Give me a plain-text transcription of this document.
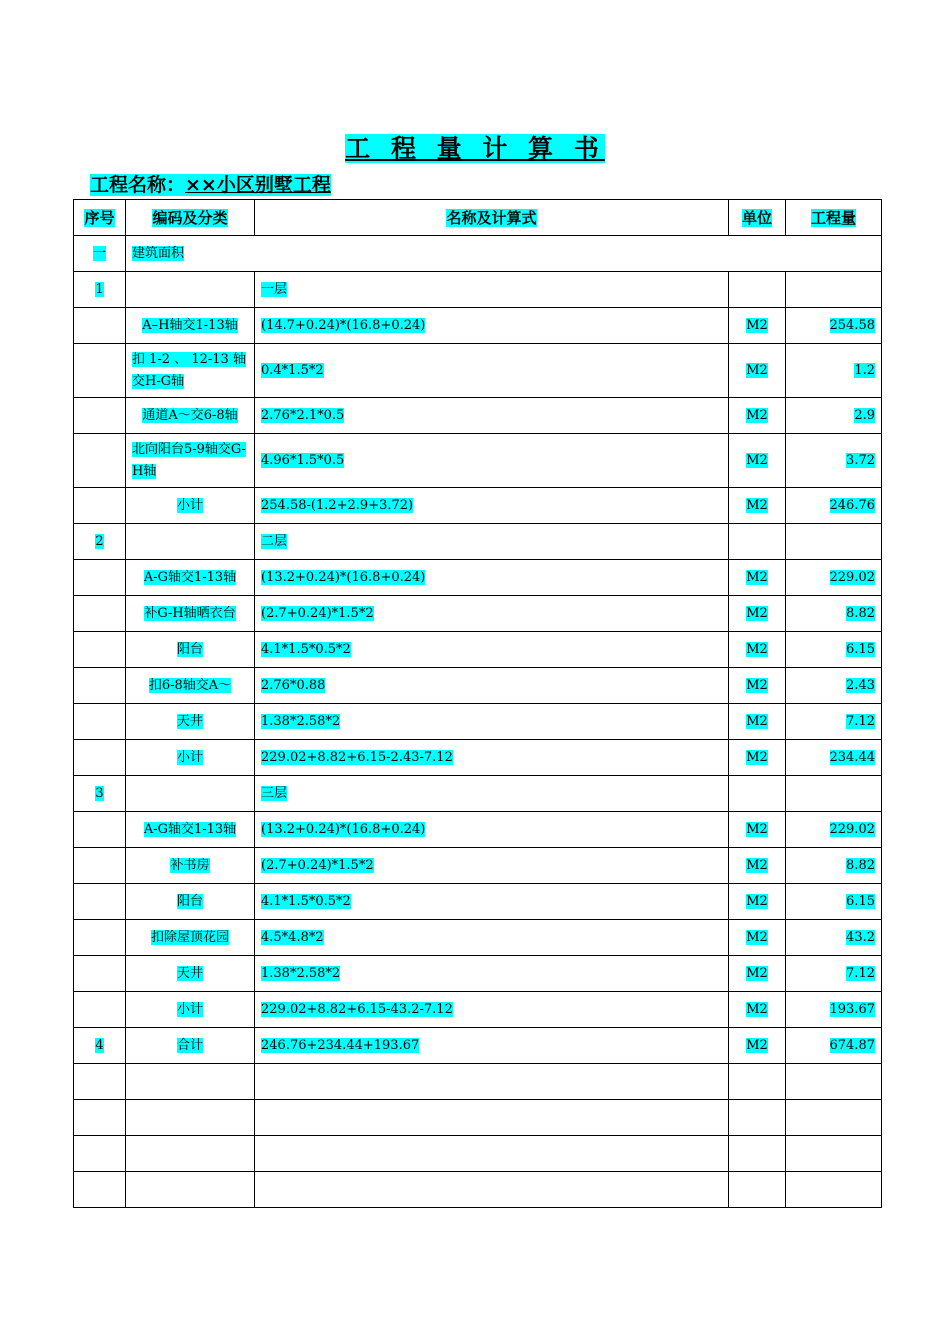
工 程 量 计 算 书
工程名称：××小区别墅工程
序号	编码及分类	名称及计算式	单位	工程量
一	建筑面积			
1		一层		
	A–H轴交1-13轴	(14.7+0.24)*(16.8+0.24)	M2	254.58

	扣 1-2 、 12-13 轴交H-G轴	0.4*1.5*2	M2	1.2

	通道A～交6-8轴	2.76*2.1*0.5	M2	2.9

	北向阳台5-9轴交G-H轴	4.96*1.5*0.5	M2	3.72
	小计	254.58-(1.2+2.9+3.72)	M2	246.76
2		二层		
	A-G轴交1-13轴	(13.2+0.24)*(16.8+0.24)	M2	229.02
	补G-H轴晒衣台	(2.7+0.24)*1.5*2	M2	8.82
	阳台	4.1*1.5*0.5*2	M2	6.15
	扣6-8轴交A～	2.76*0.88	M2	2.43
	天井	1.38*2.58*2	M2	7.12
	小计	229.02+8.82+6.15-2.43-7.12	M2	234.44
3		三层		
	A-G轴交1-13轴	(13.2+0.24)*(16.8+0.24)	M2	229.02
	补书房	(2.7+0.24)*1.5*2	M2	8.82
	阳台	4.1*1.5*0.5*2	M2	6.15
	扣除屋顶花园	4.5*4.8*2	M2	43.2
	天井	1.38*2.58*2	M2	7.12
	小计	229.02+8.82+6.15-43.2-7.12	M2	193.67
4	合计	246.76+234.44+193.67	M2	674.87
